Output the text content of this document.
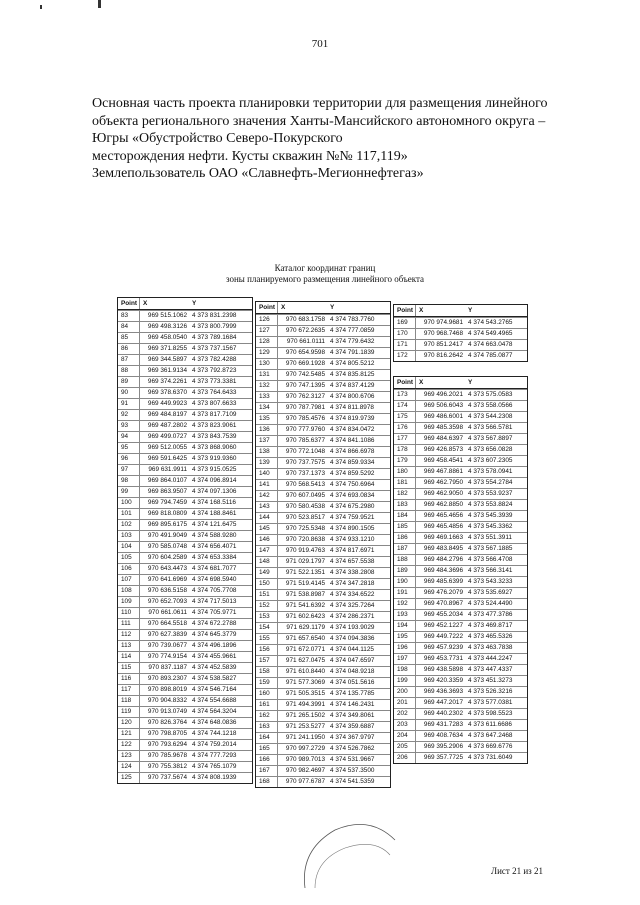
701
Основная часть проекта планировки территории для размещения линейного
объекта регионального значения Ханты-Мансийского автономного округа –
Югры «Обустройство Северо-Покурского
месторождения нефти. Кусты скважин №№ 117,119»
Землепользователь ОАО «Славнефть-Мегионнефтегаз»
Каталог координат границ
зоны планируемого размещения линейного объекта
Point X	Y
83	969 515.1062 4 373 831.2398
84	969 498.3126 4 373 800.7999
85	969 458.0540 4 373 789.1684
86	969 371.8255 4 373 737.1567
87	969 344.5897 4 373 782.4288
88	969 361.9134 4 373 792.8723
89	969 374.2261 4 373 773.3381
90	969 378.6370 4 373 764.6433
91	969 449.9923 4 373 807.6633
92	969 484.8197 4 373 817.7109
93	969 487.2802 4 373 823.9061
94	969 499.0727 4 373 843.7539
95	969 512.0055 4 373 868.9060
96	969 591.6425 4 373 919.9360
97	969 631.9911 4 373 915.0525
98	969 864.0107 4 374 096.8914
99	969 863.9507 4 374 097.1306
100	969 794.7459 4 374 168.5116
101	969 818.0809 4 374 188.8461
102	969 895.6175 4 374 121.6475
103	970 491.9049 4 374 588.9280
104	970 585.0748 4 374 656.4071
105	970 604.2589 4 374 653.3384
106	970 643.4473 4 374 681.7077
107	970 641.6969 4 374 698.5940
108	970 636.5158 4 374 705.7708
109	970 652.7093 4 374 717.5013
110	970 661.0611 4 374 705.9771
111	970 664.5518 4 374 672.2788
112	970 627.3839 4 374 645.3779
113	970 739.0677 4 374 496.1896
114	970 774.9154 4 374 455.9661
115	970 837.1187 4 374 452.5839
116	970 893.2307 4 374 538.5827
117	970 898.8019 4 374 546.7164
118	970 904.8332 4 374 554.6688
119	970 913.0749 4 374 564.3204
120	970 826.3764 4 374 648.0836
121	970 798.8705 4 374 744.1218
122	970 793.6294 4 374 759.2014
123	970 785.9678 4 374 777.7293
124	970 755.3812 4 374 765.1079
125	970 737.5674 4 374 808.1939
Point X	Y
126	970 683.1758 4 374 783.7760
127	970 672.2635 4 374 777.0859
128	970 661.0111 4 374 779.6432
129	970 654.9598 4 374 791.1839
130	970 669.1928 4 374 805.5212
131	970 742.5485 4 374 835.8125
132	970 747.1395 4 374 837.4129
133	970 762.3127 4 374 800.6706
134	970 787.7981 4 374 811.8978
135	970 785.4576 4 374 819.9739
136	970 777.9760 4 374 834.0472
137	970 785.6377 4 374 841.1086
138	970 772.1048 4 374 866.6978
139	970 737.7575 4 374 859.9334
140	970 737.1373 4 374 859.5292
141	970 568.5413 4 374 750.6964
142	970 607.0495 4 374 693.0834
143	970 580.4538 4 374 675.2980
144	970 523.8517 4 374 759.9521
145	970 725.5348 4 374 890.1505
146	970 720.8638 4 374 933.1210
147	970 919.4763 4 374 817.6971
148	971 029.1797 4 374 657.5538
149	971 522.1351 4 374 338.2808
150	971 519.4145 4 374 347.2818
151	971 538.8987 4 374 334.6522
152	971 541.6392 4 374 325.7264
153	971 602.6423 4 374 286.2371
154	971 629.1179 4 374 193.9029
155	971 657.6540 4 374 094.3836
156	971 672.0771 4 374 044.1125
157	971 627.0475 4 374 047.6597
158	971 610.8440 4 374 048.9218
159	971 577.3069 4 374 051.5616
160	971 505.3515 4 374 135.7785
161	971 494.3991 4 374 146.2431
162	971 265.1502 4 374 349.8061
163	971 253.5277 4 374 359.6887
164	971 241.1950 4 374 367.9797
165	970 997.2729 4 374 526.7862
166	970 989.7013 4 374 531.9667
167	970 982.4697 4 374 537.3500
168	970 977.6787 4 374 541.5359
Point X	Y
169	970 974.9681 4 374 543.2765
170	970 968.7468 4 374 549.4965
171	970 851.2417 4 374 663.0478
172	970 816.2642 4 374 785.0877
Point X	Y
173	969 496.2021 4 373 575.0583
174	969 506.6043 4 373 558.0566
175	969 486.6001 4 373 544.2308
176	969 485.3598 4 373 566.5781
177	969 484.6397 4 373 567.8897
178	969 426.8573 4 373 656.0828
179	969 458.4541 4 373 607.2305
180	969 467.8861 4 373 578.0941
181	969 462.7950 4 373 554.2784
182	969 462.9050 4 373 553.9237
183	969 462.8850 4 373 553.8824
184	969 465.4656 4 373 545.3939
185	969 465.4856 4 373 545.3362
186	969 469.1663 4 373 551.3911
187	969 483.8495 4 373 567.1885
188	969 484.2796 4 373 566.4708
189	969 484.3696 4 373 566.3141
190	969 485.6399 4 373 543.3233
191	969 476.2079 4 373 535.6927
192	969 470.8967 4 373 524.4490
193	969 455.2034 4 373 477.3786
194	969 452.1227 4 373 469.8717
195	969 449.7222 4 373 465.5326
196	969 457.9239 4 373 463.7838
197	969 453.7731 4 373 444.2247
198	969 438.5898 4 373 447.4337
199	969 420.3359 4 373 451.3273
200	969 436.3693 4 373 526.3216
201	969 447.2017 4 373 577.0381
202	969 440.2302 4 373 598.5523
203	969 431.7283 4 373 611.6686
204	969 408.7634 4 373 647.2468
205	969 395.2906 4 373 669.6776
206	969 357.7725 4 373 731.6049
Лист 21 из 21
